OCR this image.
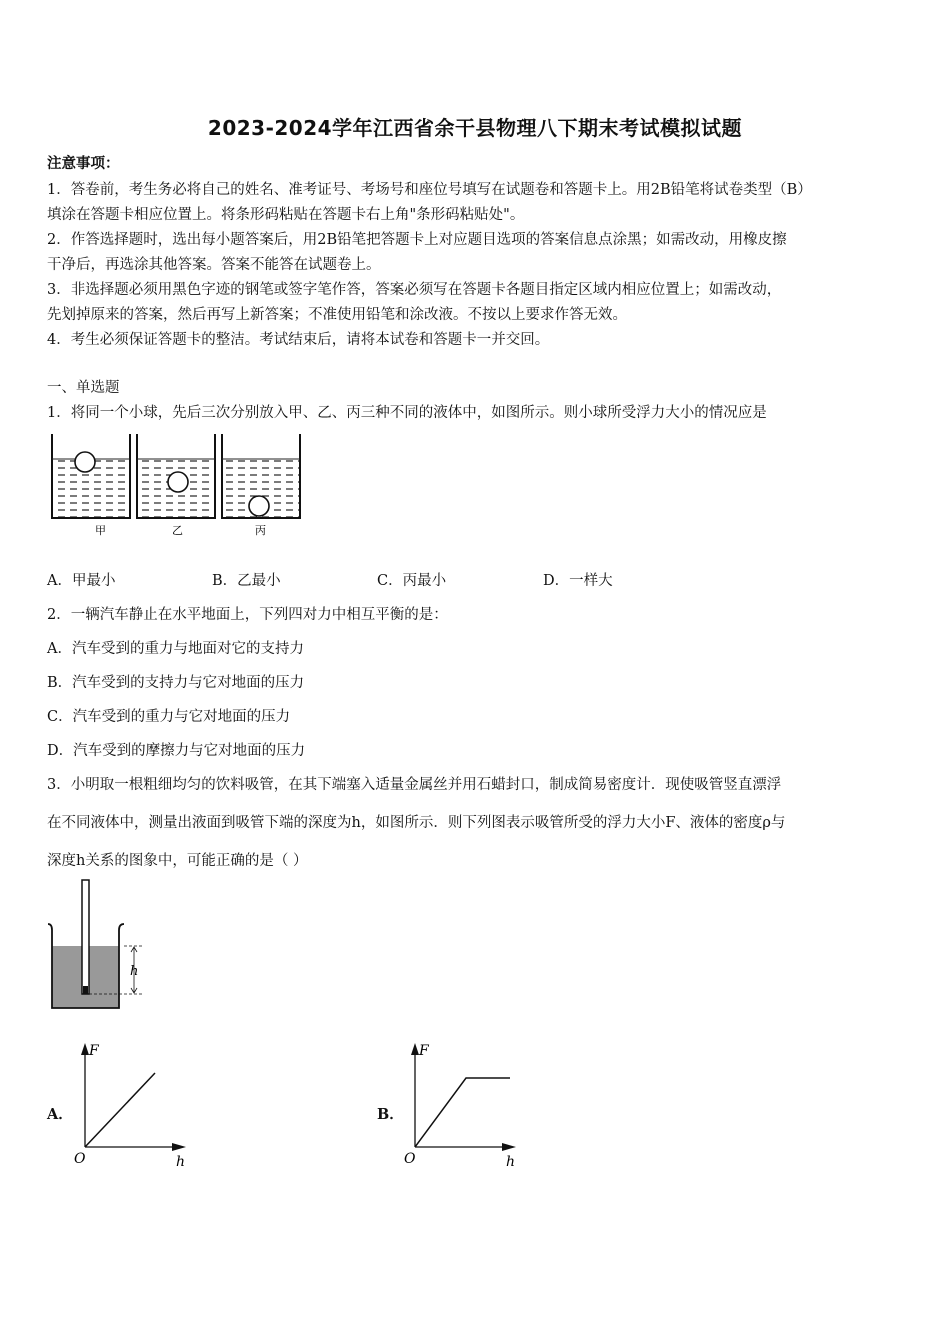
2023-2024学年江西省余干县物理八下期末考试模拟试题
注意事项：
1．答卷前，考生务必将自己的姓名、准考证号、考场号和座位号填写在试题卷和答题卡上。用2B铅笔将试卷类型（B）
填涂在答题卡相应位置上。将条形码粘贴在答题卡右上角"条形码粘贴处"。
2．作答选择题时，选出每小题答案后，用2B铅笔把答题卡上对应题目选项的答案信息点涂黑；如需改动，用橡皮擦
干净后，再选涂其他答案。答案不能答在试题卷上。
3．非选择题必须用黑色字迹的钢笔或签字笔作答，答案必须写在答题卡各题目指定区域内相应位置上；如需改动，
先划掉原来的答案，然后再写上新答案；不准使用铅笔和涂改液。不按以上要求作答无效。
4．考生必须保证答题卡的整洁。考试结束后，请将本试卷和答题卡一并交回。
一、单选题
1．将同一个小球，先后三次分别放入甲、乙、丙三种不同的液体中，如图所示。则小球所受浮力大小的情况应是
甲	乙	丙
A．甲最小	B．乙最小	C．丙最小	D．一样大
2．一辆汽车静止在水平地面上，下列四对力中相互平衡的是：
A．汽车受到的重力与地面对它的支持力
B．汽车受到的支持力与它对地面的压力
C．汽车受到的重力与它对地面的压力
D．汽车受到的摩擦力与它对地面的压力
3．小明取一根粗细均匀的饮料吸管，在其下端塞入适量金属丝并用石蜡封口，制成简易密度计．现使吸管竖直漂浮
在不同液体中，测量出液面到吸管下端的深度为h，如图所示．则下列图表示吸管所受的浮力大小F、液体的密度ρ与
深度h关系的图象中，可能正确的是（ ）
h
A．
F
h
O
B．
F
h
O
